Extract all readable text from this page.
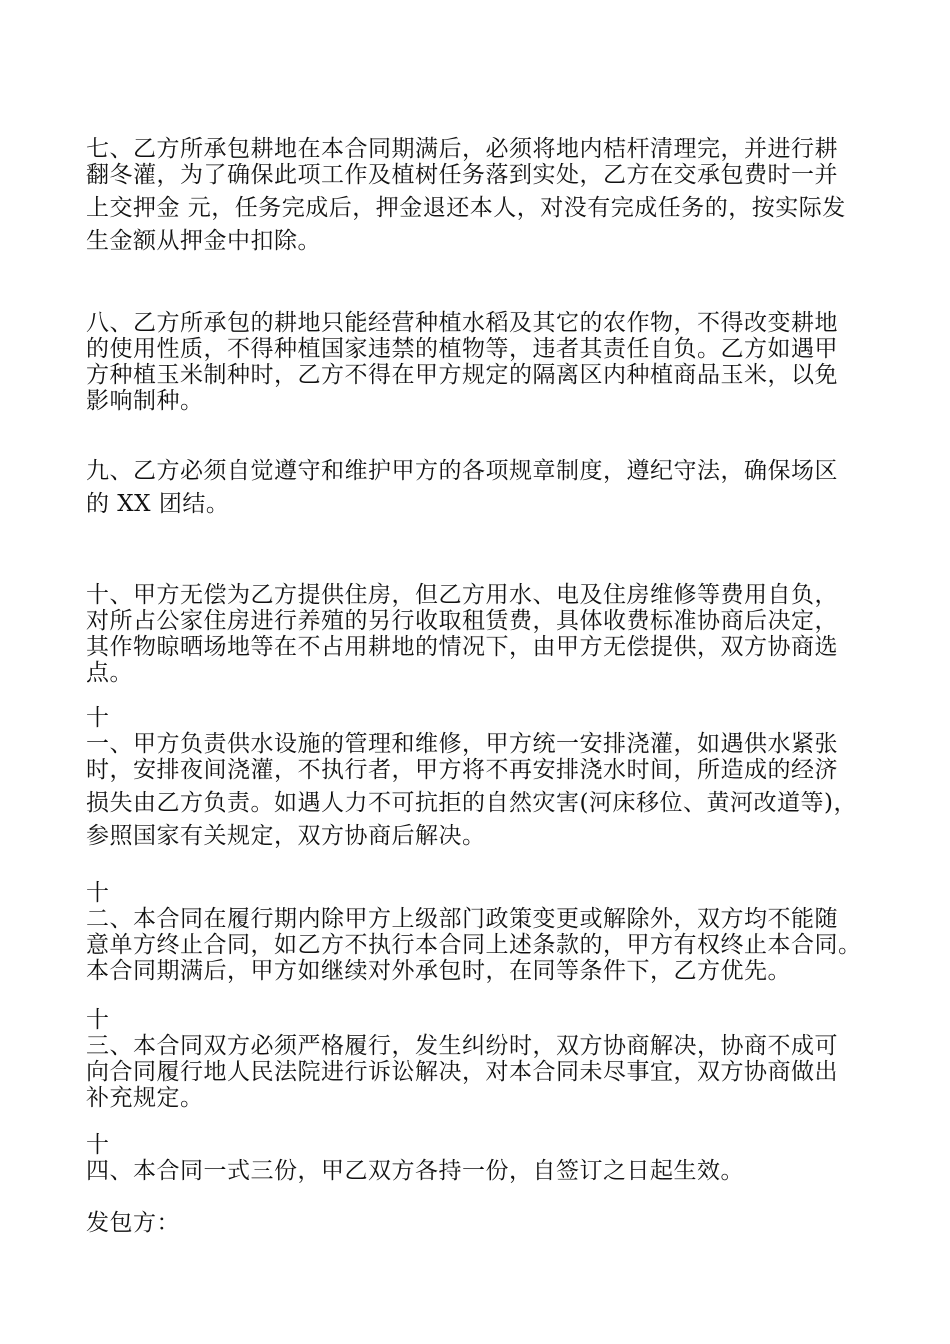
七、乙方所承包耕地在本合同期满后，必须将地内桔杆清理完，并进行耕
翻冬灌，为了确保此项工作及植树任务落到实处，乙方在交承包费时一并
上交押金 元，任务完成后，押金退还本人，对没有完成任务的，按实际发
生金额从押金中扣除。

八、乙方所承包的耕地只能经营种植水稻及其它的农作物，不得改变耕地
的使用性质，不得种植国家违禁的植物等，违者其责任自负。乙方如遇甲
方种植玉米制种时，乙方不得在甲方规定的隔离区内种植商品玉米，以免
影响制种。

九、乙方必须自觉遵守和维护甲方的各项规章制度，遵纪守法，确保场区
的 XX 团结。

十、甲方无偿为乙方提供住房，但乙方用水、电及住房维修等费用自负，
对所占公家住房进行养殖的另行收取租赁费，具体收费标准协商后决定，
其作物晾晒场地等在不占用耕地的情况下，由甲方无偿提供，双方协商选
点。

十
一、甲方负责供水设施的管理和维修，甲方统一安排浇灌，如遇供水紧张
时，安排夜间浇灌，不执行者，甲方将不再安排浇水时间，所造成的经济
损失由乙方负责。如遇人力不可抗拒的自然灾害(河床移位、黄河改道等)，
参照国家有关规定，双方协商后解决。

十
二、本合同在履行期内除甲方上级部门政策变更或解除外，双方均不能随
意单方终止合同，如乙方不执行本合同上述条款的，甲方有权终止本合同。
本合同期满后，甲方如继续对外承包时，在同等条件下，乙方优先。

十
三、本合同双方必须严格履行，发生纠纷时，双方协商解决，协商不成可
向合同履行地人民法院进行诉讼解决，对本合同未尽事宜，双方协商做出
补充规定。

十
四、本合同一式三份，甲乙双方各持一份，自签订之日起生效。

发包方：
